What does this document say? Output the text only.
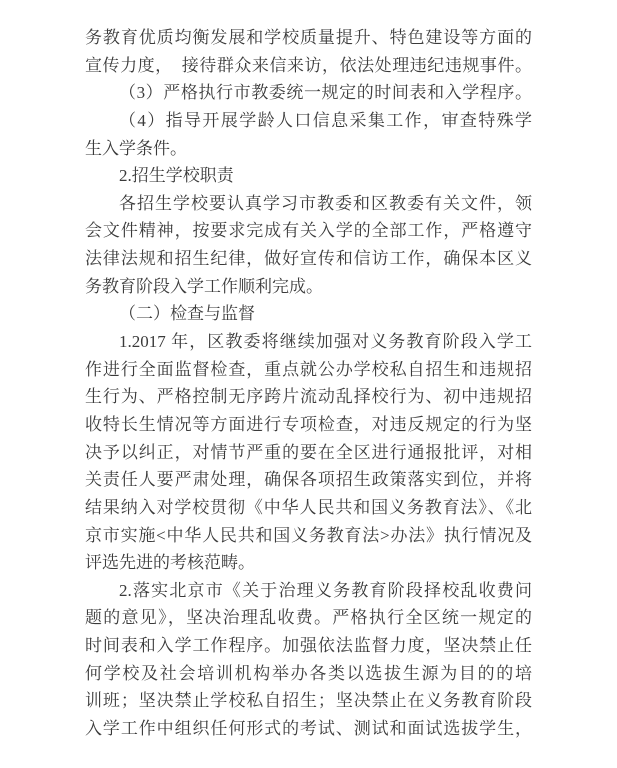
务教育优质均衡发展和学校质量提升、特色建设等方面的
宣传力度，　接待群众来信来访，依法处理违纪违规事件。
（3）严格执行市教委统一规定的时间表和入学程序。
（4）指导开展学龄人口信息采集工作，审查特殊学
生入学条件。
2.招生学校职责
各招生学校要认真学习市教委和区教委有关文件，领
会文件精神，按要求完成有关入学的全部工作，严格遵守
法律法规和招生纪律，做好宣传和信访工作，确保本区义
务教育阶段入学工作顺利完成。
（二）检查与监督
1.2017 年，区教委将继续加强对义务教育阶段入学工
作进行全面监督检查，重点就公办学校私自招生和违规招
生行为、严格控制无序跨片流动乱择校行为、初中违规招
收特长生情况等方面进行专项检查，对违反规定的行为坚
决予以纠正，对情节严重的要在全区进行通报批评，对相
关责任人要严肃处理，确保各项招生政策落实到位，并将
结果纳入对学校贯彻《中华人民共和国义务教育法》、《北
京市实施<中华人民共和国义务教育法>办法》执行情况及
评选先进的考核范畴。
2.落实北京市《关于治理义务教育阶段择校乱收费问
题的意见》，坚决治理乱收费。严格执行全区统一规定的
时间表和入学工作程序。加强依法监督力度，坚决禁止任
何学校及社会培训机构举办各类以选拔生源为目的的培
训班；坚决禁止学校私自招生；坚决禁止在义务教育阶段
入学工作中组织任何形式的考试、测试和面试选拔学生，
